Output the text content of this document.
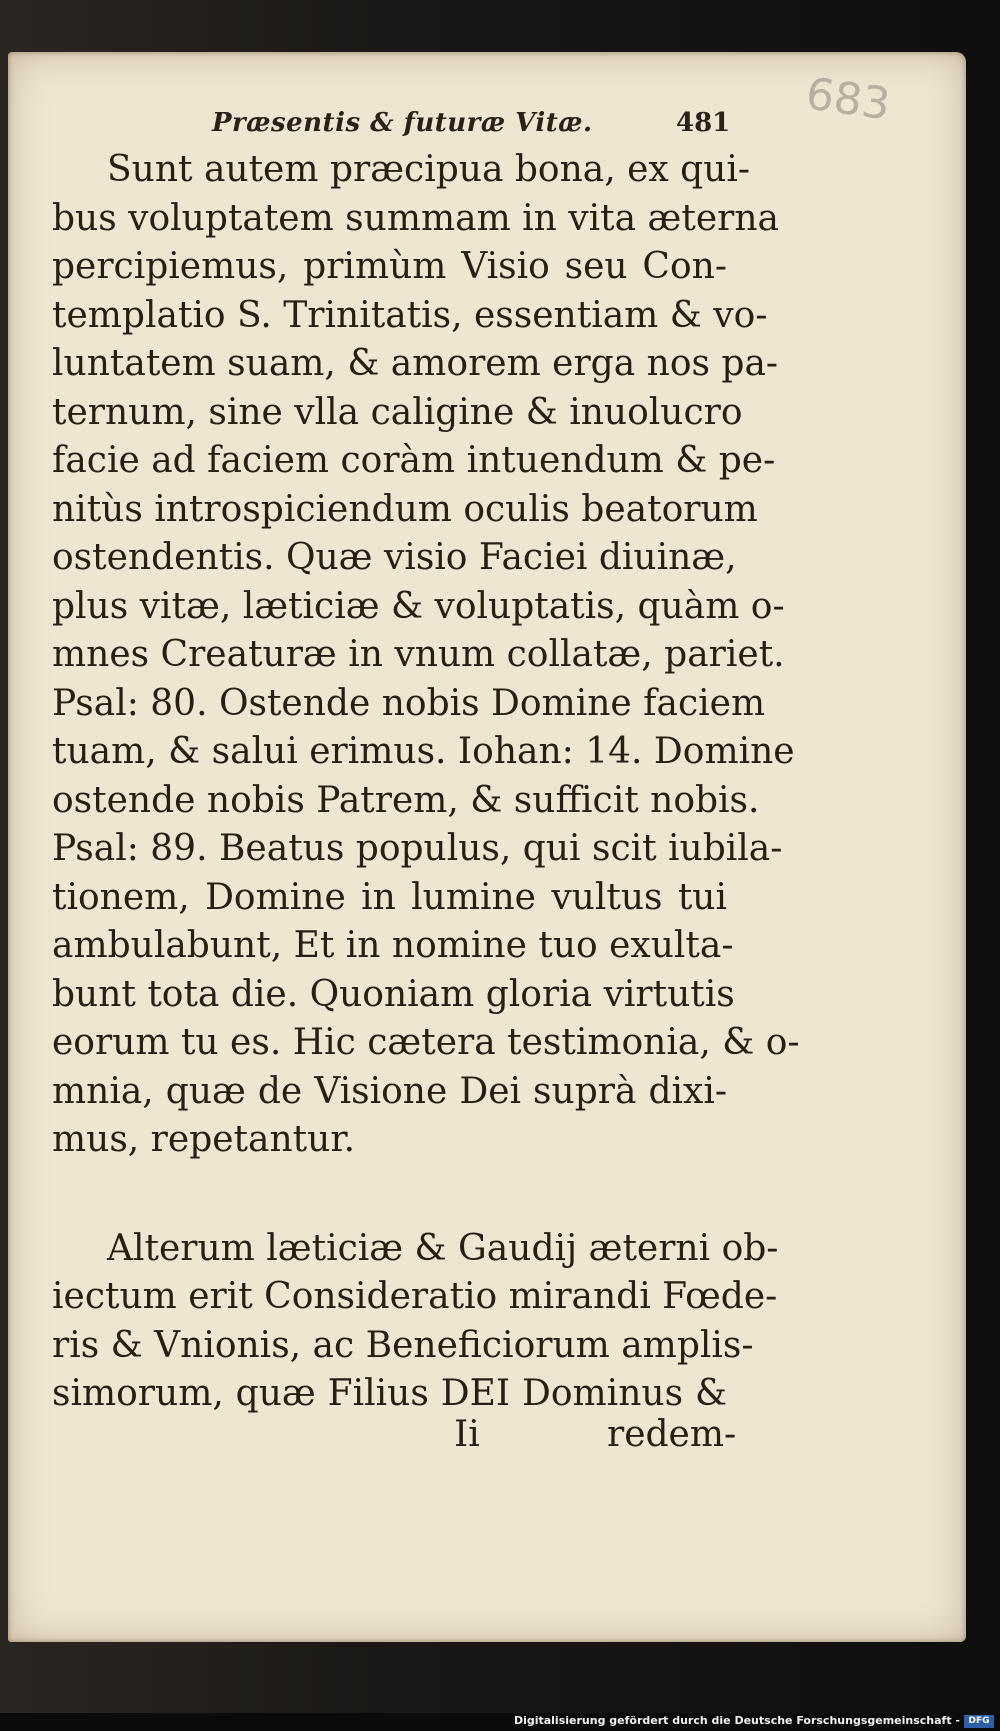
683
Præsentis & futuræ Vitæ.	481
Sunt autem præcipua bona, ex qui-
bus voluptatem summam in vita æterna
percipiemus, primùm Visio seu Con-
templatio S. Trinitatis, essentiam & vo-
luntatem suam, & amorem erga nos pa-
ternum, sine vlla caligine & inuolucro
facie ad faciem coràm intuendum & pe-
nitùs introspiciendum oculis beatorum
ostendentis. Quæ visio Faciei diuinæ,
plus vitæ, læticiæ & voluptatis, quàm o-
mnes Creaturæ in vnum collatæ, pariet.
Psal: 80. Ostende nobis Domine faciem
tuam, & salui erimus. Iohan: 14. Domine
ostende nobis Patrem, & sufficit nobis.
Psal: 89. Beatus populus, qui scit iubila-
tionem, Domine in lumine vultus tui
ambulabunt, Et in nomine tuo exulta-
bunt tota die. Quoniam gloria virtutis
eorum tu es. Hic cætera testimonia, & o-
mnia, quæ de Visione Dei suprà dixi-
mus, repetantur.
Alterum læticiæ & Gaudij æterni ob-
iectum erit Consideratio mirandi Fœde-
ris & Vnionis, ac Beneficiorum amplis-
simorum, quæ Filius DEI Dominus &
Ii	redem-
Digitalisierung gefördert durch die Deutsche Forschungsgemeinschaft - DFG
